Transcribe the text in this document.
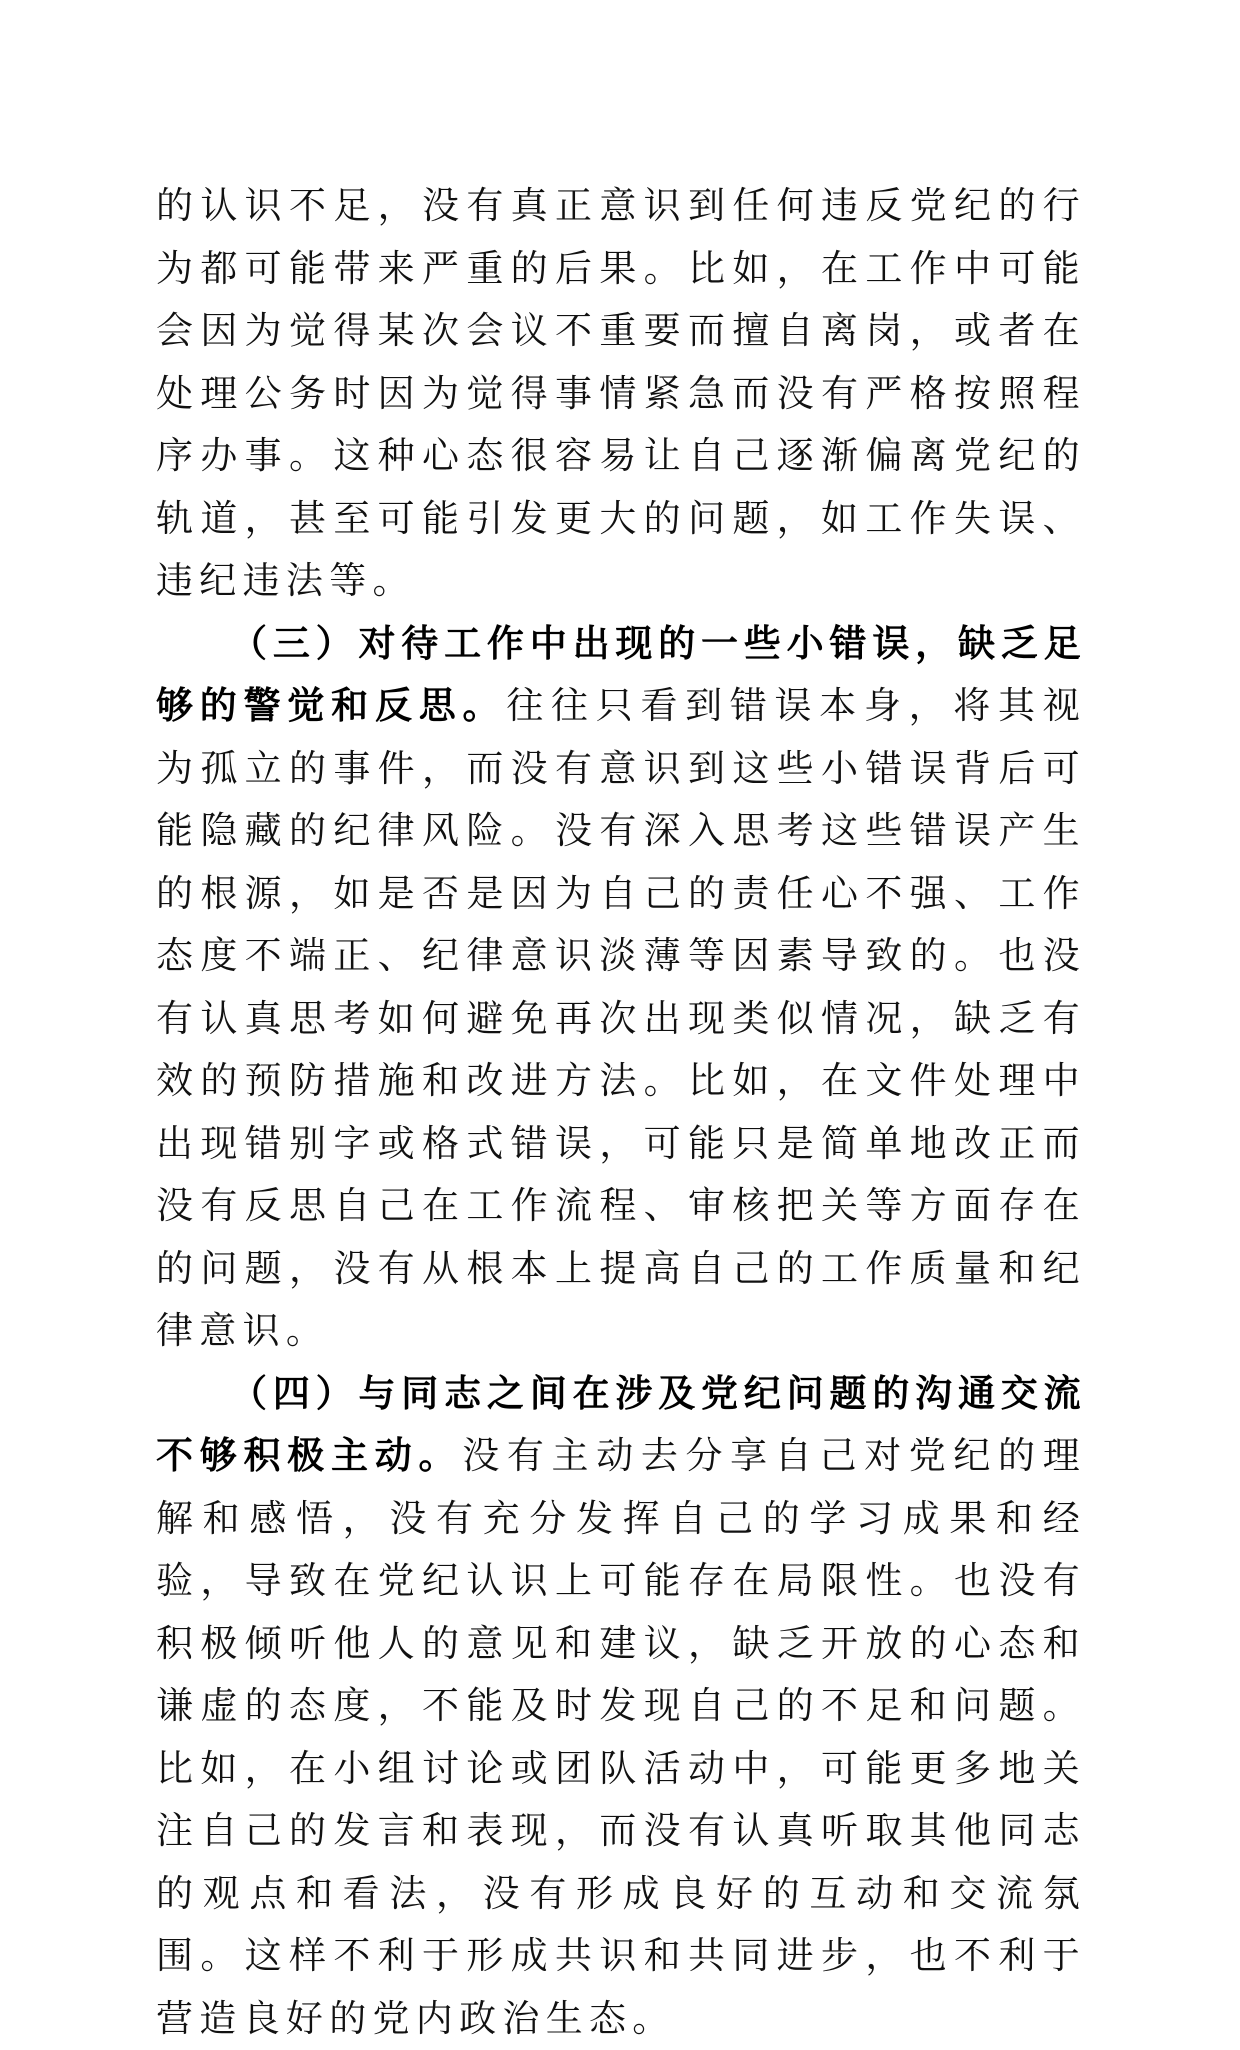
的认识不足，没有真正意识到任何违反党纪的行为都可能带来严重的后果。比如，在工作中可能会因为觉得某次会议不重要而擅自离岗，或者在处理公务时因为觉得事情紧急而没有严格按照程序办事。这种心态很容易让自己逐渐偏离党纪的轨道，甚至可能引发更大的问题，如工作失误、违纪违法等。

（三）对待工作中出现的一些小错误，缺乏足够的警觉和反思。往往只看到错误本身，将其视为孤立的事件，而没有意识到这些小错误背后可能隐藏的纪律风险。没有深入思考这些错误产生的根源，如是否是因为自己的责任心不强、工作态度不端正、纪律意识淡薄等因素导致的。也没有认真思考如何避免再次出现类似情况，缺乏有效的预防措施和改进方法。比如，在文件处理中出现错别字或格式错误，可能只是简单地改正而没有反思自己在工作流程、审核把关等方面存在的问题，没有从根本上提高自己的工作质量和纪律意识。

（四）与同志之间在涉及党纪问题的沟通交流不够积极主动。没有主动去分享自己对党纪的理解和感悟，没有充分发挥自己的学习成果和经验，导致在党纪认识上可能存在局限性。也没有积极倾听他人的意见和建议，缺乏开放的心态和谦虚的态度，不能及时发现自己的不足和问题。比如，在小组讨论或团队活动中，可能更多地关注自己的发言和表现，而没有认真听取其他同志的观点和看法，没有形成良好的互动和交流氛围。这样不利于形成共识和共同进步，也不利于营造良好的党内政治生态。
